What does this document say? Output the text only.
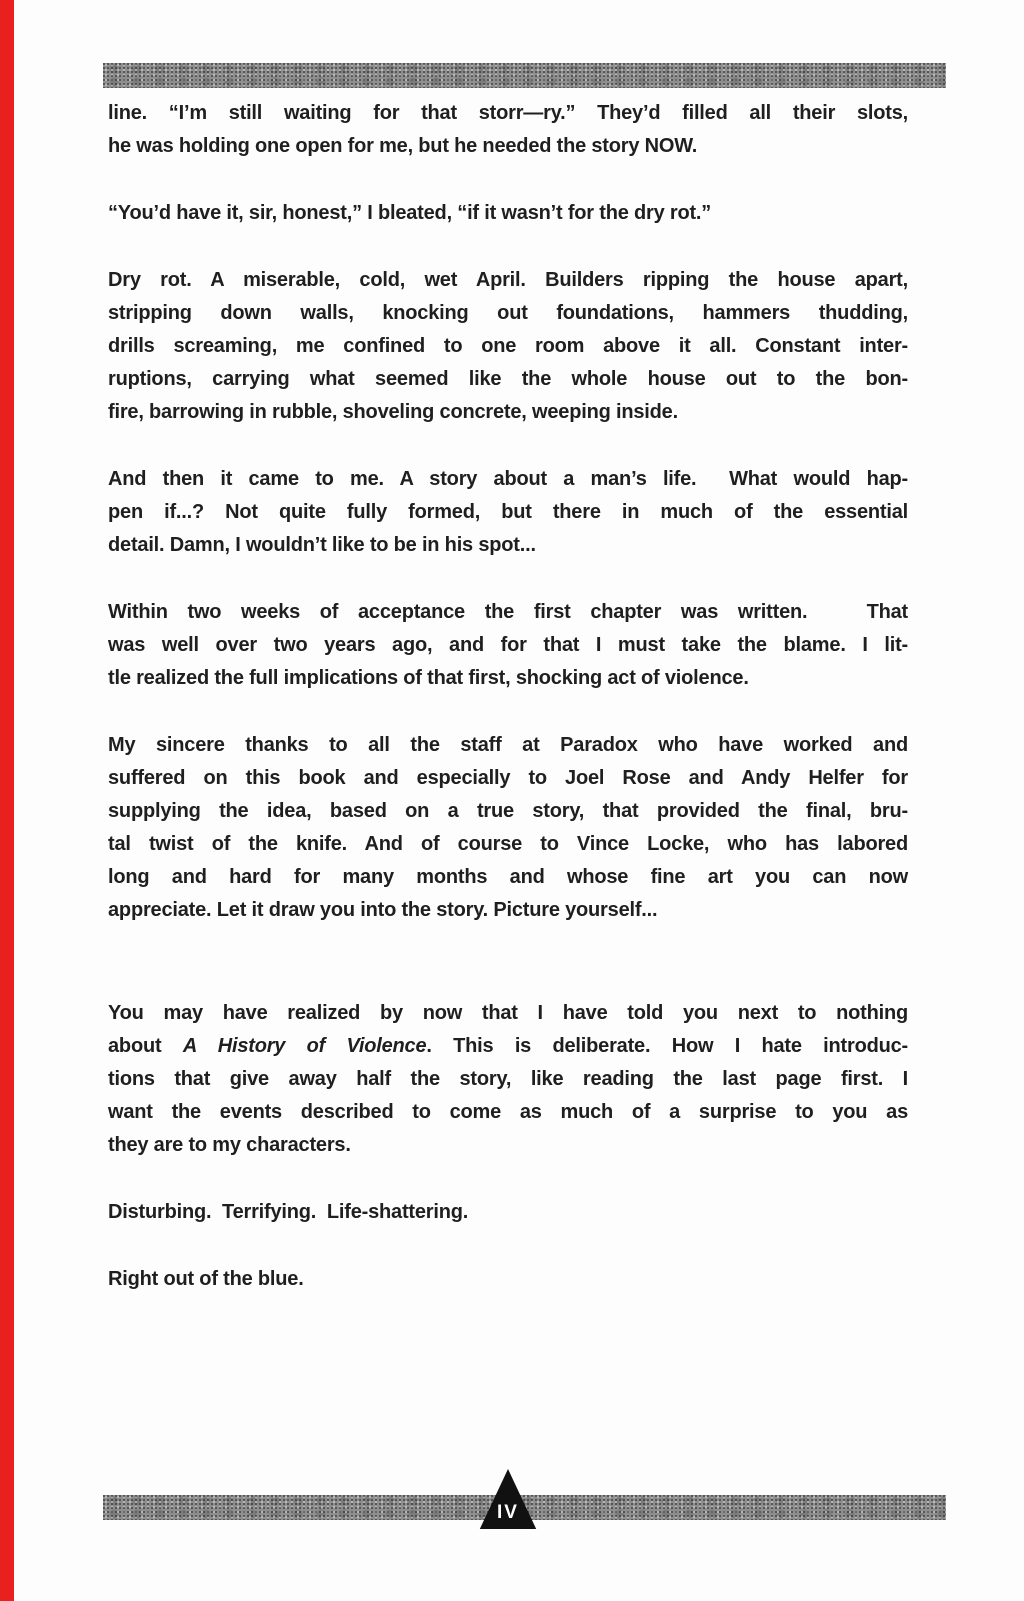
line. “I’m still waiting for that storr—ry.” They’d filled all their slots,
he was holding one open for me, but he needed the story NOW.
“You’d have it, sir, honest,” I bleated, “if it wasn’t for the dry rot.”
Dry rot. A miserable, cold, wet April. Builders ripping the house apart,
stripping down walls, knocking out foundations, hammers thudding,
drills screaming, me confined to one room above it all. Constant inter-
ruptions, carrying what seemed like the whole house out to the bon-
fire, barrowing in rubble, shoveling concrete, weeping inside.
And then it came to me. A story about a man’s life.  What would hap-
pen if...? Not quite fully formed, but there in much of the essential
detail. Damn, I wouldn’t like to be in his spot...
Within two weeks of acceptance the first chapter was written.   That
was well over two years ago, and for that I must take the blame. I lit-
tle realized the full implications of that first, shocking act of violence.
My sincere thanks to all the staff at Paradox who have worked and
suffered on this book and especially to Joel Rose and Andy Helfer for
supplying the idea, based on a true story, that provided the final, bru-
tal twist of the knife. And of course to Vince Locke, who has labored
long and hard for many months and whose fine art you can now
appreciate. Let it draw you into the story. Picture yourself...
You may have realized by now that I have told you next to nothing
about A History of Violence. This is deliberate. How I hate introduc-
tions that give away half the story, like reading the last page first. I
want the events described to come as much of a surprise to you as
they are to my characters.
Disturbing.  Terrifying.  Life-shattering.
Right out of the blue.
IV
